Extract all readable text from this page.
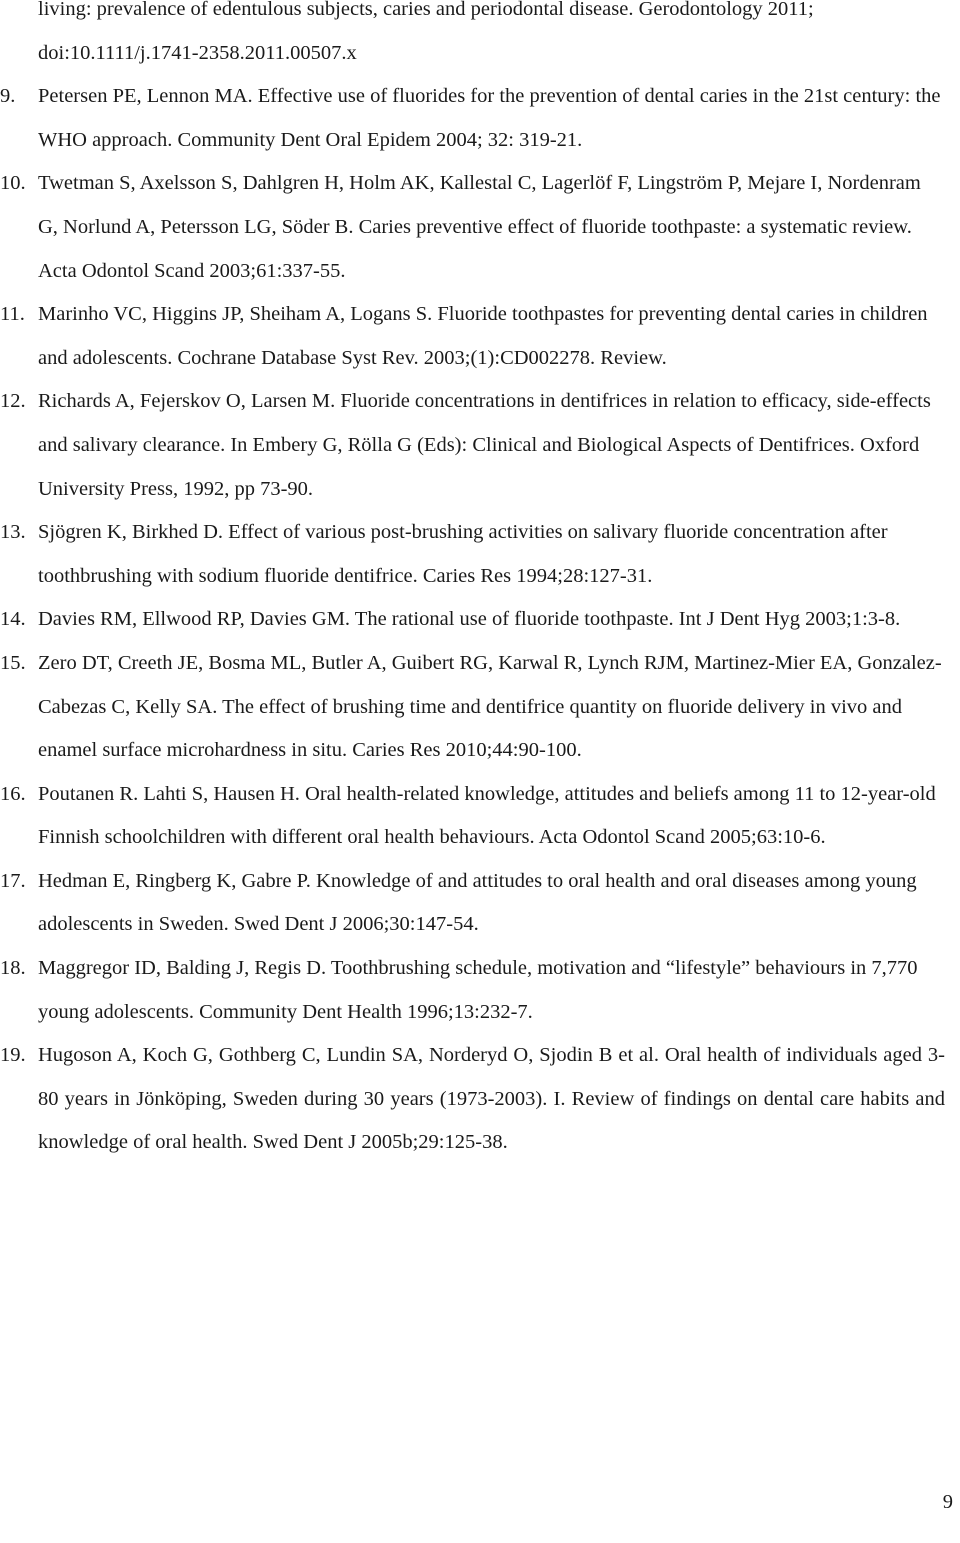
living: prevalence of edentulous subjects, caries and periodontal disease. Gerodontology 2011; doi:10.1111/j.1741-2358.2011.00507.x
9. Petersen PE, Lennon MA. Effective use of fluorides for the prevention of dental caries in the 21st century: the WHO approach. Community Dent Oral Epidem 2004; 32: 319-21.
10. Twetman S, Axelsson S, Dahlgren H, Holm AK, Kallestal C, Lagerlöf F, Lingström P, Mejare I, Nordenram G, Norlund A, Petersson LG, Söder B. Caries preventive effect of fluoride toothpaste: a systematic review. Acta Odontol Scand 2003;61:337-55.
11. Marinho VC, Higgins JP, Sheiham A, Logans S. Fluoride toothpastes for preventing dental caries in children and adolescents. Cochrane Database Syst Rev. 2003;(1):CD002278. Review.
12. Richards A, Fejerskov O, Larsen M. Fluoride concentrations in dentifrices in relation to efficacy, side-effects and salivary clearance. In Embery G, Rölla G (Eds): Clinical and Biological Aspects of Dentifrices. Oxford University Press, 1992, pp 73-90.
13. Sjögren K, Birkhed D. Effect of various post-brushing activities on salivary fluoride concentration after toothbrushing with sodium fluoride dentifrice. Caries Res 1994;28:127-31.
14. Davies RM, Ellwood RP, Davies GM. The rational use of fluoride toothpaste. Int J Dent Hyg 2003;1:3-8.
15. Zero DT, Creeth JE, Bosma ML, Butler A, Guibert RG, Karwal R, Lynch RJM, Martinez-Mier EA, Gonzalez-Cabezas C, Kelly SA. The effect of brushing time and dentifrice quantity on fluoride delivery in vivo and enamel surface microhardness in situ. Caries Res 2010;44:90-100.
16. Poutanen R. Lahti S, Hausen H. Oral health-related knowledge, attitudes and beliefs among 11 to 12-year-old Finnish schoolchildren with different oral health behaviours. Acta Odontol Scand 2005;63:10-6.
17. Hedman E, Ringberg K, Gabre P. Knowledge of and attitudes to oral health and oral diseases among young adolescents in Sweden. Swed Dent J 2006;30:147-54.
18. Maggregor ID, Balding J, Regis D. Toothbrushing schedule, motivation and “lifestyle” behaviours in 7,770 young adolescents. Community Dent Health 1996;13:232-7.
19. Hugoson A, Koch G, Gothberg C, Lundin SA, Norderyd O, Sjodin B et al. Oral health of individuals aged 3-80 years in Jönköping, Sweden during 30 years (1973-2003). I. Review of findings on dental care habits and knowledge of oral health. Swed Dent J 2005b;29:125-38.
9
